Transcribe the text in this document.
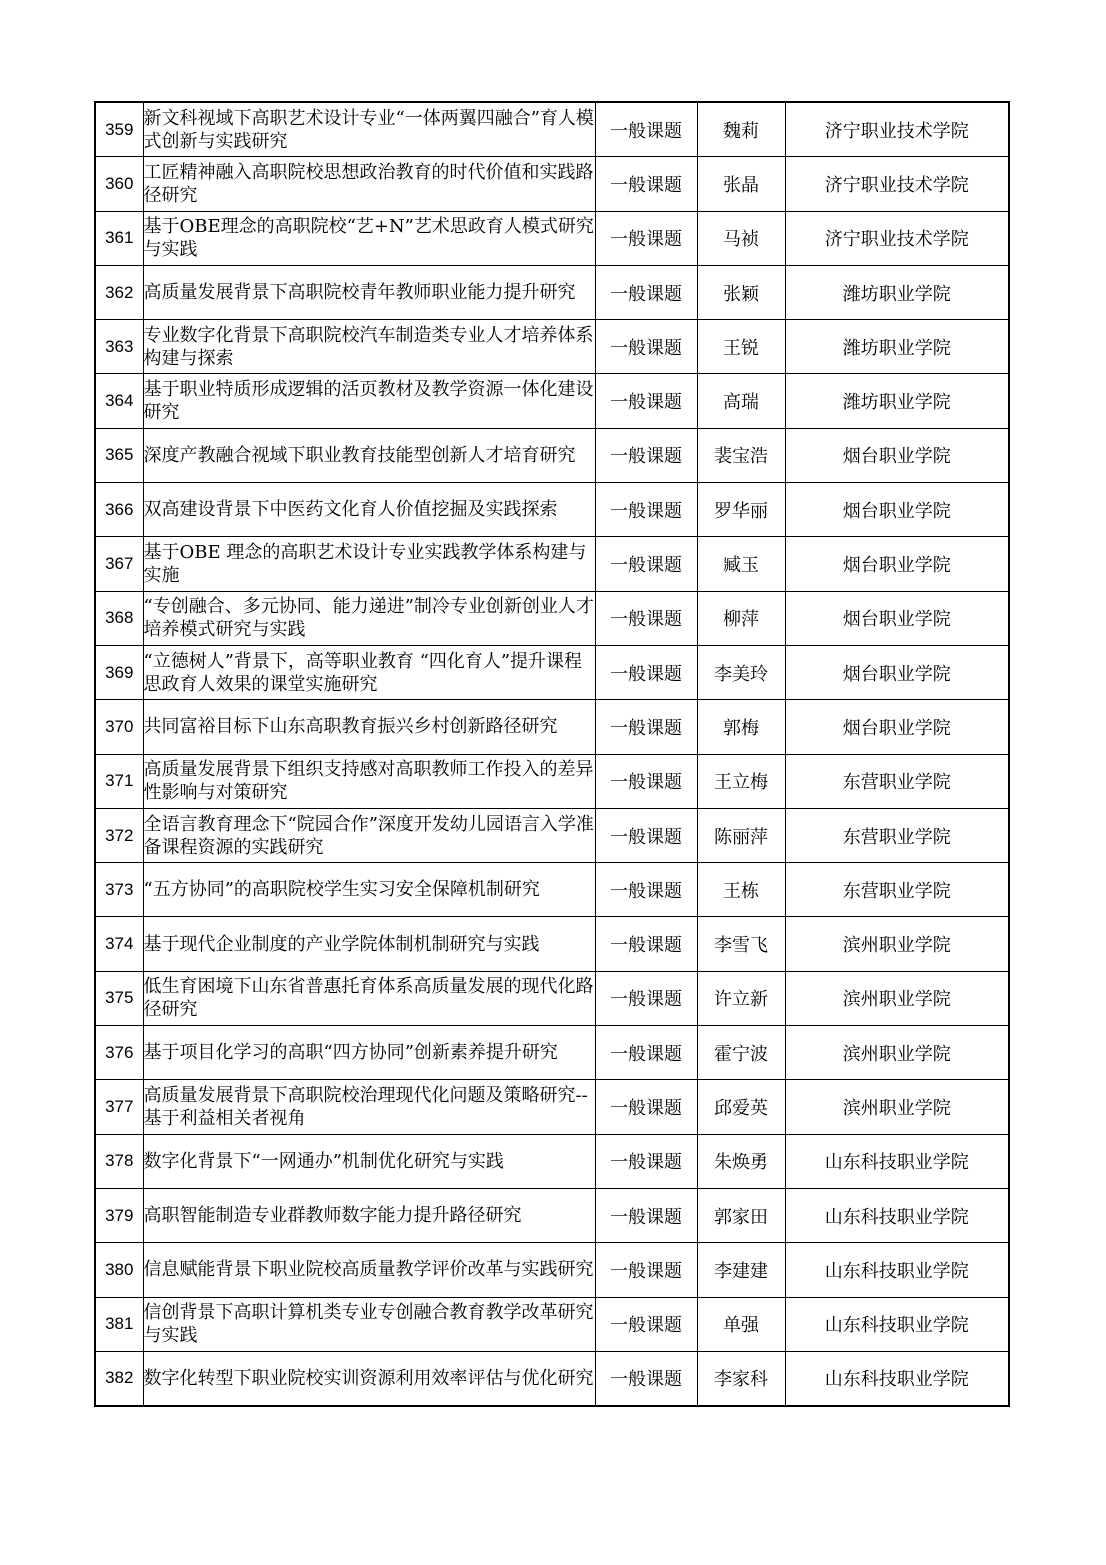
359	新文科视域下高职艺术设计专业“一体两翼四融合”育人模式创新与实践研究	一般课题	魏莉	济宁职业技术学院
360	工匠精神融入高职院校思想政治教育的时代价值和实践路径研究	一般课题	张晶	济宁职业技术学院
361	基于OBE理念的高职院校“艺+N”艺术思政育人模式研究与实践	一般课题	马祯	济宁职业技术学院
362	高质量发展背景下高职院校青年教师职业能力提升研究	一般课题	张颖	潍坊职业学院
363	专业数字化背景下高职院校汽车制造类专业人才培养体系构建与探索	一般课题	王锐	潍坊职业学院
364	基于职业特质形成逻辑的活页教材及教学资源一体化建设研究	一般课题	高瑞	潍坊职业学院
365	深度产教融合视域下职业教育技能型创新人才培育研究	一般课题	裴宝浩	烟台职业学院
366	双高建设背景下中医药文化育人价值挖掘及实践探索	一般课题	罗华丽	烟台职业学院
367	基于OBE 理念的高职艺术设计专业实践教学体系构建与实施	一般课题	臧玉	烟台职业学院
368	“专创融合、多元协同、能力递进”制冷专业创新创业人才培养模式研究与实践	一般课题	柳萍	烟台职业学院
369	“立德树人”背景下，高等职业教育 “四化育人”提升课程思政育人效果的课堂实施研究	一般课题	李美玲	烟台职业学院
370	共同富裕目标下山东高职教育振兴乡村创新路径研究	一般课题	郭梅	烟台职业学院
371	高质量发展背景下组织支持感对高职教师工作投入的差异性影响与对策研究	一般课题	王立梅	东营职业学院
372	全语言教育理念下“院园合作”深度开发幼儿园语言入学准备课程资源的实践研究	一般课题	陈丽萍	东营职业学院
373	“五方协同”的高职院校学生实习安全保障机制研究	一般课题	王栋	东营职业学院
374	基于现代企业制度的产业学院体制机制研究与实践	一般课题	李雪飞	滨州职业学院
375	低生育困境下山东省普惠托育体系高质量发展的现代化路径研究	一般课题	许立新	滨州职业学院
376	基于项目化学习的高职“四方协同”创新素养提升研究	一般课题	霍宁波	滨州职业学院
377	高质量发展背景下高职院校治理现代化问题及策略研究--基于利益相关者视角	一般课题	邱爱英	滨州职业学院
378	数字化背景下“一网通办”机制优化研究与实践	一般课题	朱焕勇	山东科技职业学院
379	高职智能制造专业群教师数字能力提升路径研究	一般课题	郭家田	山东科技职业学院
380	信息赋能背景下职业院校高质量教学评价改革与实践研究	一般课题	李建建	山东科技职业学院
381	信创背景下高职计算机类专业专创融合教育教学改革研究与实践	一般课题	单强	山东科技职业学院
382	数字化转型下职业院校实训资源利用效率评估与优化研究	一般课题	李家科	山东科技职业学院
